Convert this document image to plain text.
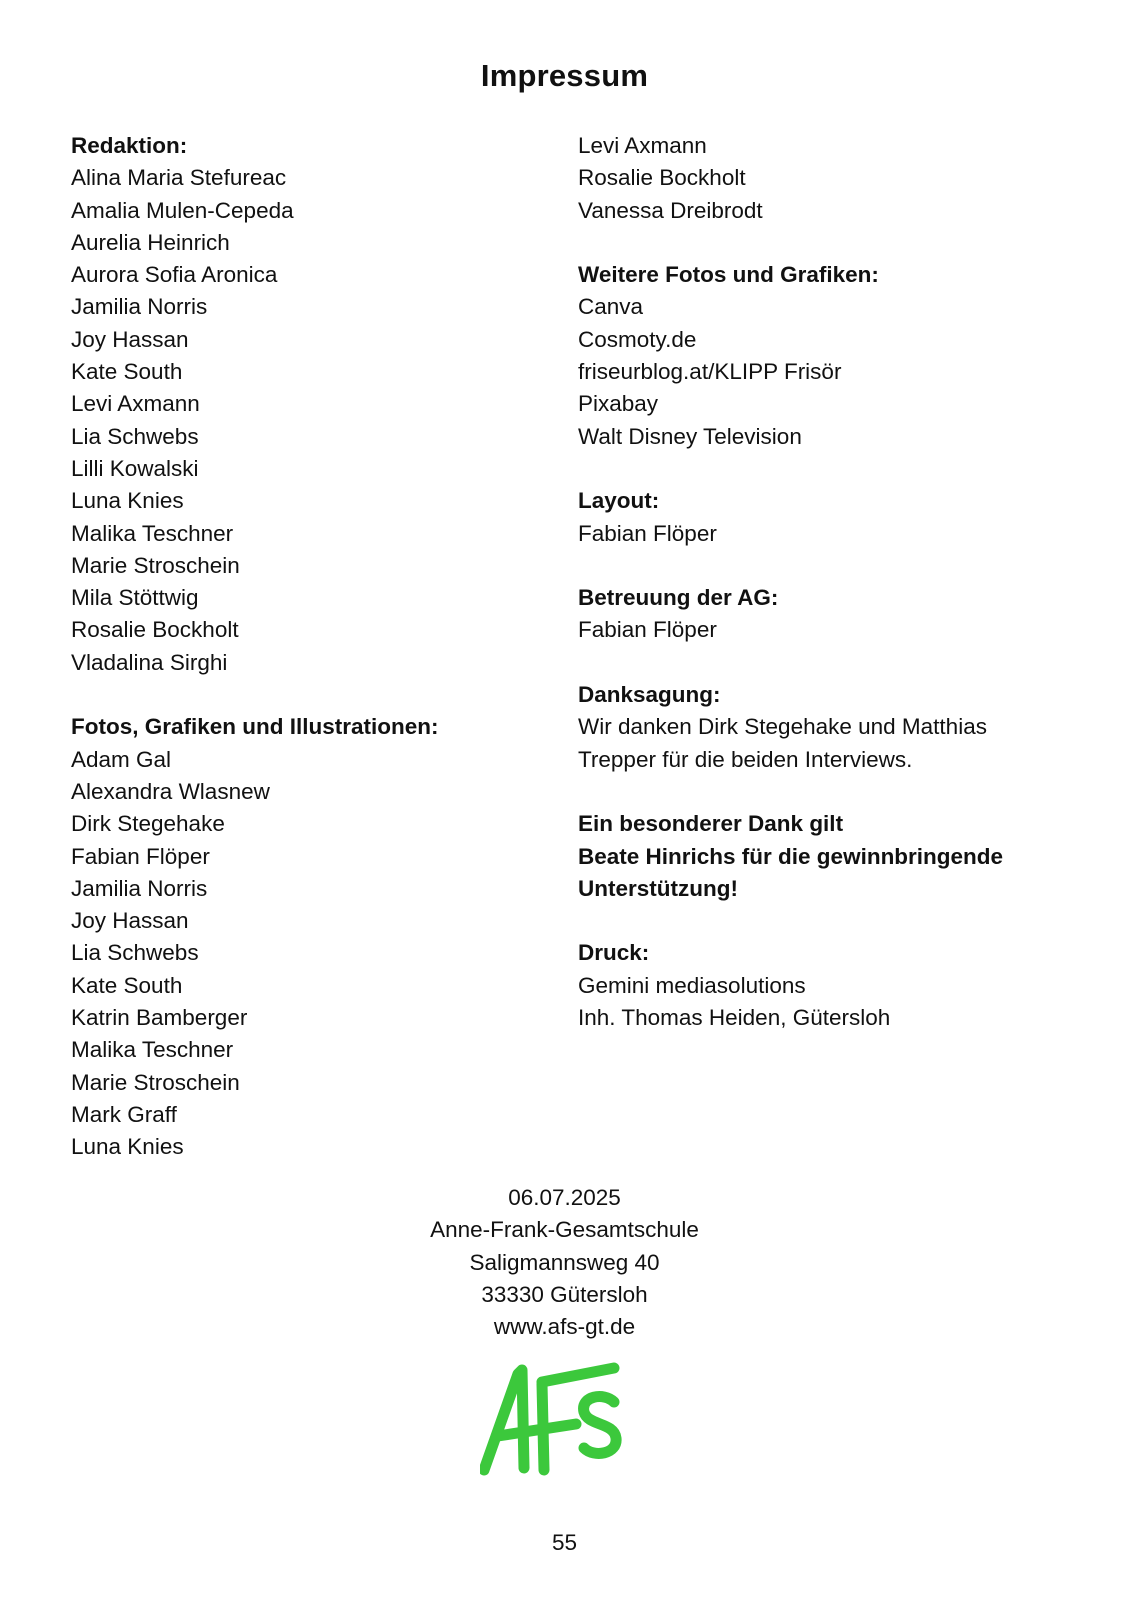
Impressum
Redaktion:
Alina Maria Stefureac
Amalia Mulen-Cepeda
Aurelia Heinrich
Aurora Sofia Aronica
Jamilia Norris
Joy Hassan
Kate South
Levi Axmann
Lia Schwebs
Lilli Kowalski
Luna Knies
Malika Teschner
Marie Stroschein
Mila Stöttwig
Rosalie Bockholt
Vladalina Sirghi
Fotos, Grafiken und Illustrationen:
Adam Gal
Alexandra Wlasnew
Dirk Stegehake
Fabian Flöper
Jamilia Norris
Joy Hassan
Lia Schwebs
Kate South
Katrin Bamberger
Malika Teschner
Marie Stroschein
Mark Graff
Luna Knies
Levi Axmann
Rosalie Bockholt
Vanessa Dreibrodt
Weitere Fotos und Grafiken:
Canva
Cosmoty.de
friseurblog.at/KLIPP Frisör
Pixabay
Walt Disney Television
Layout:
Fabian Flöper
Betreuung der AG:
Fabian Flöper
Danksagung:
Wir danken Dirk Stegehake und Matthias
Trepper für die beiden Interviews.
Ein besonderer Dank gilt
Beate Hinrichs für die gewinnbringende
Unterstützung!
Druck:
Gemini mediasolutions
Inh. Thomas Heiden, Gütersloh
06.07.2025
Anne-Frank-Gesamtschule
Saligmannsweg 40
33330 Gütersloh
www.afs-gt.de
55
